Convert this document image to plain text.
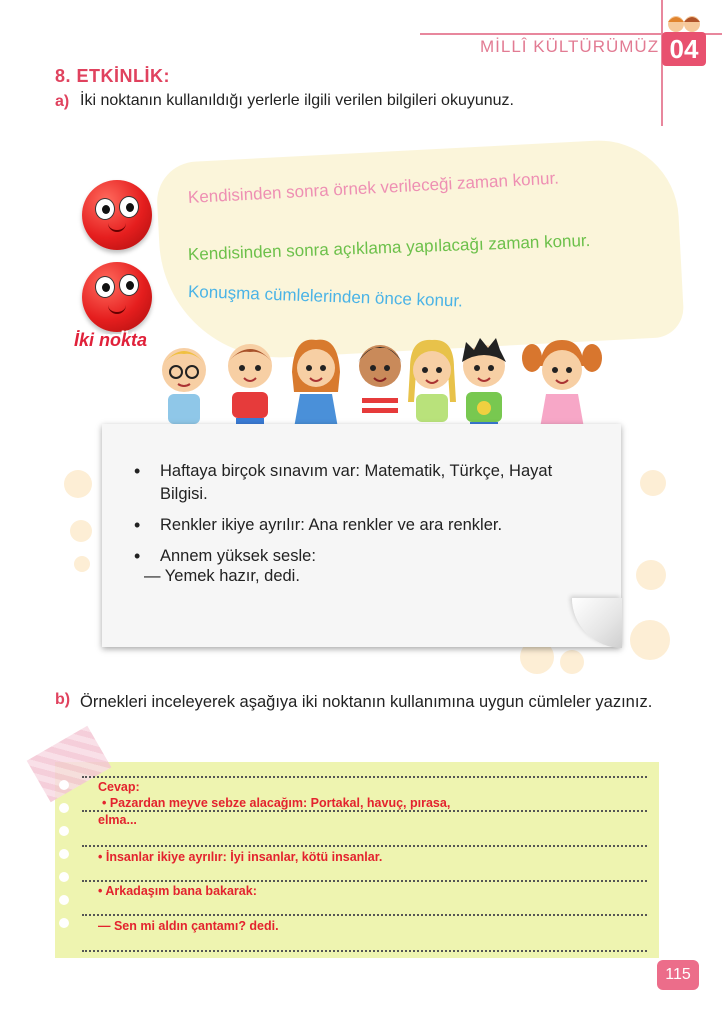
MİLLÎ KÜLTÜRÜMÜZ 04
8. ETKİNLİK:
a) İki noktanın kullanıldığı yerlerle ilgili verilen bilgileri okuyunuz.
Kendisinden sonra örnek verileceği zaman konur.
Kendisinden sonra açıklama yapılacağı zaman konur.
Konuşma cümlelerinden önce konur.
İki nokta
• Haftaya birçok sınavım var: Matematik, Türkçe, Hayat Bilgisi.
• Renkler ikiye ayrılır: Ana renkler ve ara renkler.
• Annem yüksek sesle:
— Yemek hazır, dedi.
b) Örnekleri inceleyerek aşağıya iki noktanın kullanımına uygun cümleler yazınız.
Cevap:
• Pazardan meyve sebze alacağım: Portakal, havuç, pırasa,
elma...
• İnsanlar ikiye ayrılır: İyi insanlar, kötü insanlar.
• Arkadaşım bana bakarak:
— Sen mi aldın çantamı? dedi.
115
